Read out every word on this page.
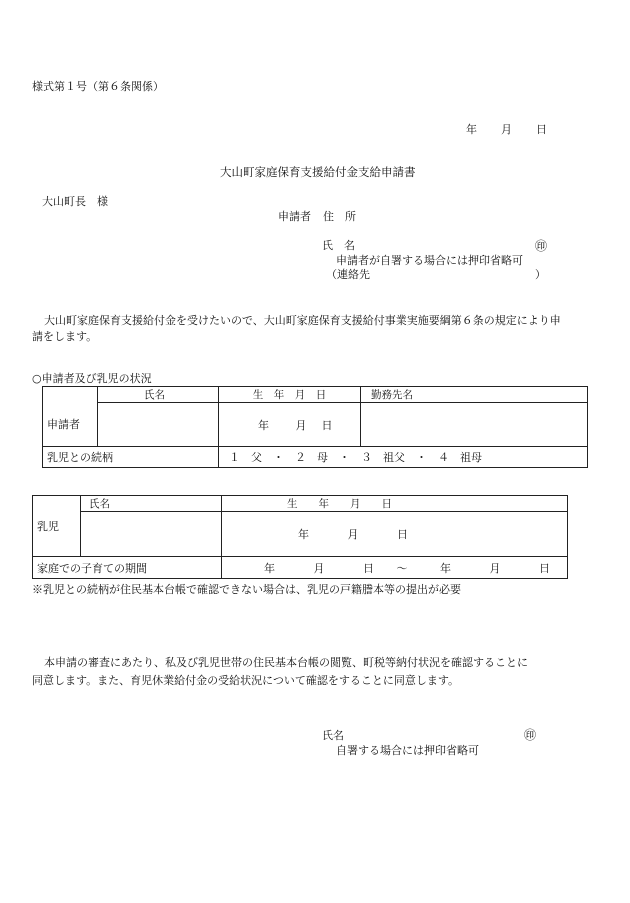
様式第１号（第６条関係）
年 月 日
大山町家庭保育支援給付金支給申請書
大山町長　様
申請者 住　所
氏　名	㊞
申請者が自署する場合には押印省略可
（連絡先	）
大山町家庭保育支援給付金を受けたいので、大山町家庭保育支援給付事業実施要綱第６条の規定により申
請をします。
○申請者及び乳児の状況
	氏名	生　年　月　日	勤務先名
申請者		年 月 日	
乳児との続柄		１　父　・　２　母　・　３　祖父　・　４　祖母	
	氏名	生　　年　　月　　日
乳児		年 月 日
家庭での子育ての期間		年 月 日 ～ 年 月 日
※乳児との続柄が住民基本台帳で確認できない場合は、乳児の戸籍謄本等の提出が必要
本申請の審査にあたり、私及び乳児世帯の住民基本台帳の閲覧、町税等納付状況を確認することに
同意します。また、育児休業給付金の受給状況について確認をすることに同意します。
氏名	㊞
自署する場合には押印省略可
